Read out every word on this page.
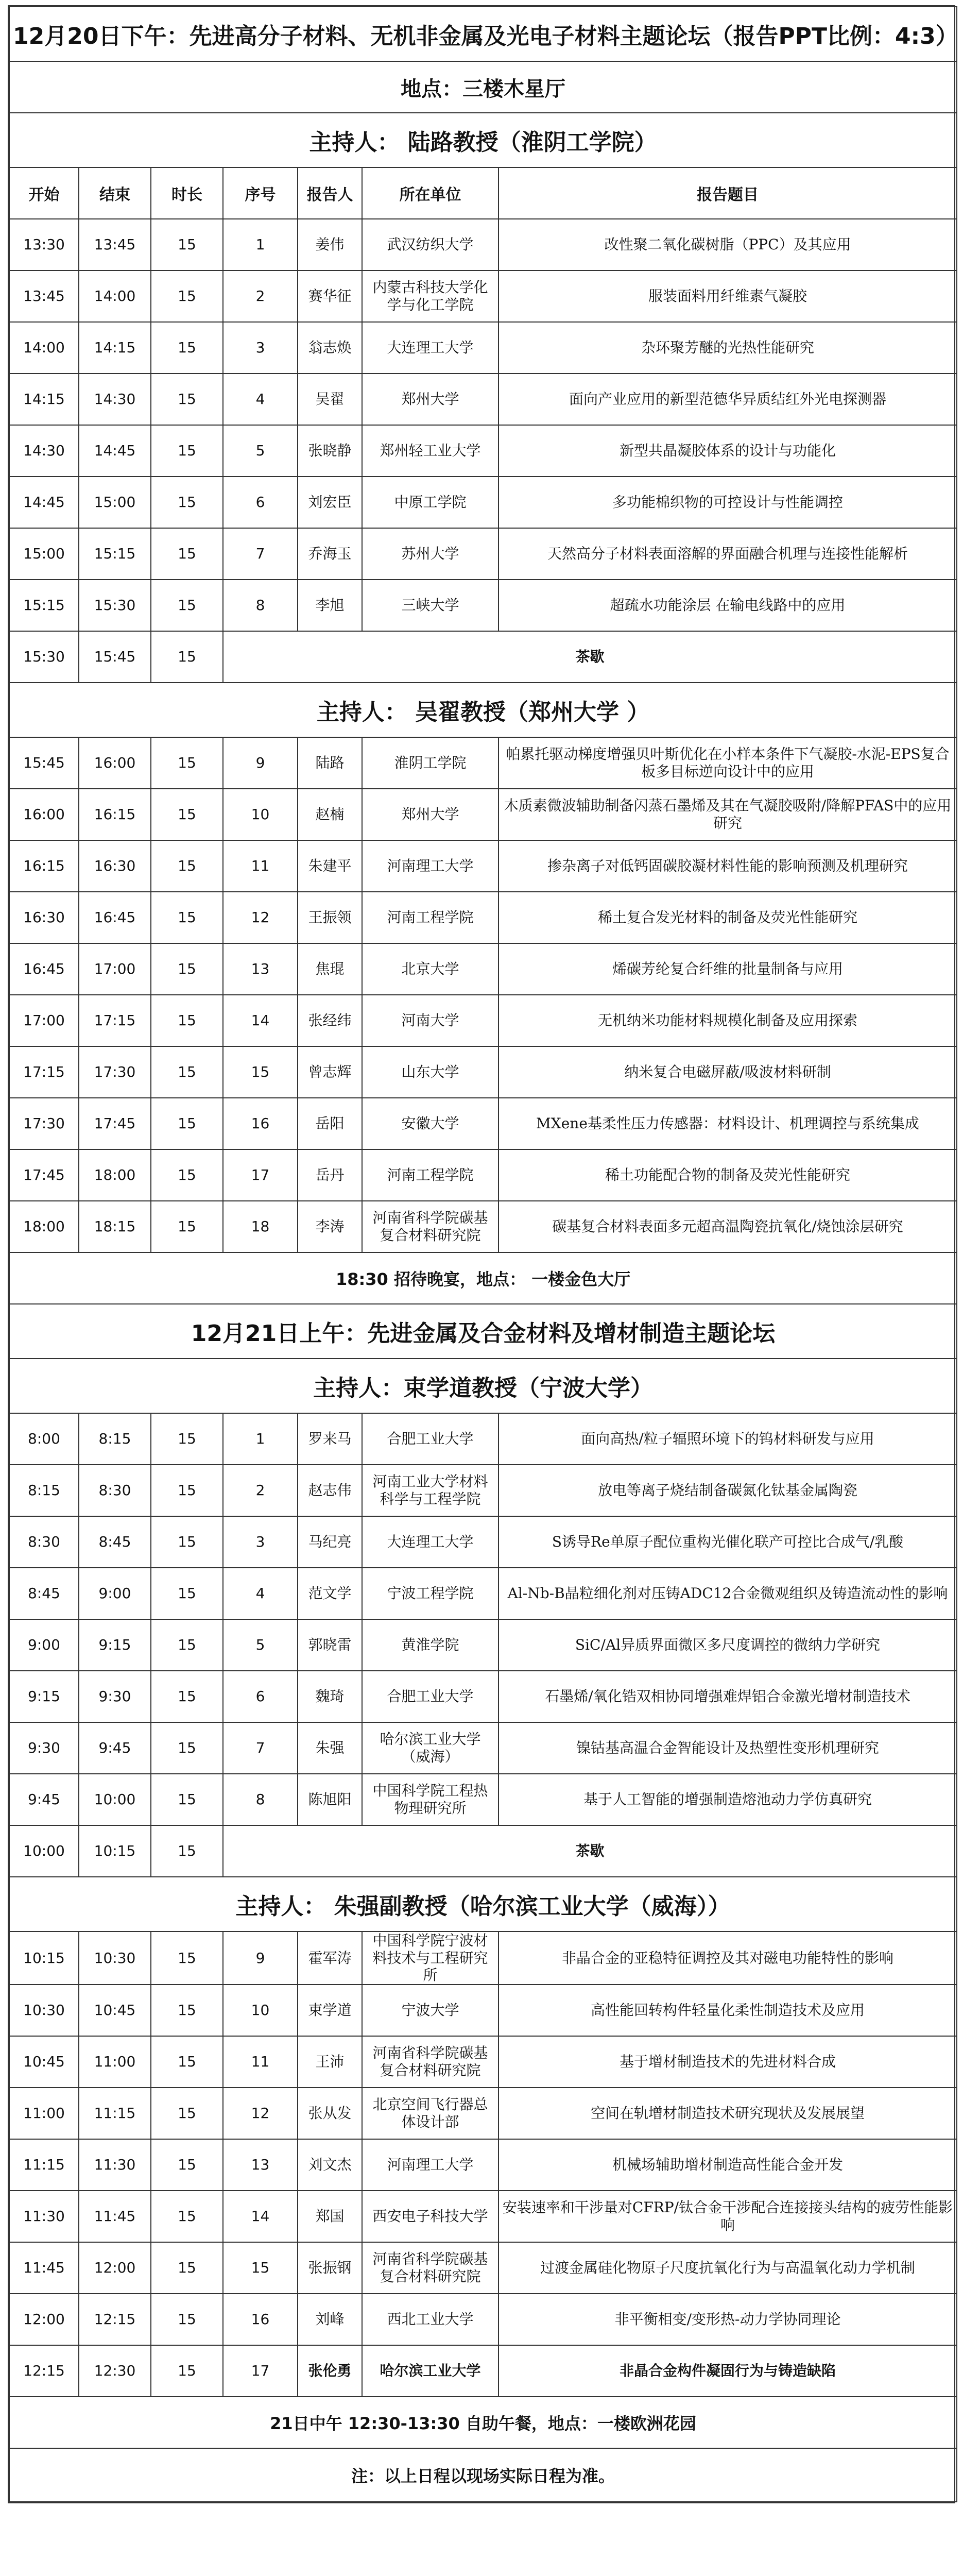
12月20日下午：先进高分子材料、无机非金属及光电子材料主题论坛（报告PPT比例：4:3）						
地点：三楼木星厅						
主持人： 陆路教授（淮阴工学院）						
开始	结束	时长	序号	报告人	所在单位	报告题目
13:30	13:45	15	1	姜伟	武汉纺织大学	改性聚二氧化碳树脂（PPC）及其应用
13:45	14:00	15	2	赛华征	内蒙古科技大学化学与化工学院	服装面料用纤维素气凝胶
14:00	14:15	15	3	翁志焕	大连理工大学	杂环聚芳醚的光热性能研究
14:15	14:30	15	4	吴翟	郑州大学	面向产业应用的新型范德华异质结红外光电探测器
14:30	14:45	15	5	张晓静	郑州轻工业大学	新型共晶凝胶体系的设计与功能化
14:45	15:00	15	6	刘宏臣	中原工学院	多功能棉织物的可控设计与性能调控
15:00	15:15	15	7	乔海玉	苏州大学	天然高分子材料表面溶解的界面融合机理与连接性能解析
15:15	15:30	15	8	李旭	三峡大学	超疏水功能涂层 在输电线路中的应用
15:30	15:45	15	茶歇			
主持人： 吴翟教授（郑州大学 ）						
15:45	16:00	15	9	陆路	淮阴工学院	帕累托驱动梯度增强贝叶斯优化在小样本条件下气凝胶-水泥-EPS复合板多目标逆向设计中的应用
16:00	16:15	15	10	赵楠	郑州大学	木质素微波辅助制备闪蒸石墨烯及其在气凝胶吸附/降解PFAS中的应用研究
16:15	16:30	15	11	朱建平	河南理工大学	掺杂离子对低钙固碳胶凝材料性能的影响预测及机理研究
16:30	16:45	15	12	王振领	河南工程学院	稀土复合发光材料的制备及荧光性能研究
16:45	17:00	15	13	焦琨	北京大学	烯碳芳纶复合纤维的批量制备与应用
17:00	17:15	15	14	张经纬	河南大学	无机纳米功能材料规模化制备及应用探索
17:15	17:30	15	15	曾志辉	山东大学	纳米复合电磁屏蔽/吸波材料研制
17:30	17:45	15	16	岳阳	安徽大学	MXene基柔性压力传感器：材料设计、机理调控与系统集成
17:45	18:00	15	17	岳丹	河南工程学院	稀土功能配合物的制备及荧光性能研究
18:00	18:15	15	18	李涛	河南省科学院碳基复合材料研究院	碳基复合材料表面多元超高温陶瓷抗氧化/烧蚀涂层研究
18:30 招待晚宴，地点： 一楼金色大厅						
12月21日上午：先进金属及合金材料及增材制造主题论坛						
主持人：束学道教授（宁波大学）						
8:00	8:15	15	1	罗来马	合肥工业大学	面向高热/粒子辐照环境下的钨材料研发与应用
8:15	8:30	15	2	赵志伟	河南工业大学材料科学与工程学院	放电等离子烧结制备碳氮化钛基金属陶瓷
8:30	8:45	15	3	马纪亮	大连理工大学	S诱导Re单原子配位重构光催化联产可控比合成气/乳酸
8:45	9:00	15	4	范文学	宁波工程学院	Al-Nb-B晶粒细化剂对压铸ADC12合金微观组织及铸造流动性的影响
9:00	9:15	15	5	郭晓雷	黄淮学院	SiC/Al异质界面微区多尺度调控的微纳力学研究
9:15	9:30	15	6	魏琦	合肥工业大学	石墨烯/氧化锆双相协同增强难焊铝合金激光增材制造技术
9:30	9:45	15	7	朱强	哈尔滨工业大学（威海）	镍钴基高温合金智能设计及热塑性变形机理研究
9:45	10:00	15	8	陈旭阳	中国科学院工程热物理研究所	基于人工智能的增强制造熔池动力学仿真研究
10:00	10:15	15	茶歇			
主持人： 朱强副教授（哈尔滨工业大学（威海））						
10:15	10:30	15	9	霍军涛	中国科学院宁波材料技术与工程研究所	非晶合金的亚稳特征调控及其对磁电功能特性的影响
10:30	10:45	15	10	束学道	宁波大学	高性能回转构件轻量化柔性制造技术及应用
10:45	11:00	15	11	王沛	河南省科学院碳基复合材料研究院	基于增材制造技术的先进材料合成
11:00	11:15	15	12	张从发	北京空间飞行器总体设计部	空间在轨增材制造技术研究现状及发展展望
11:15	11:30	15	13	刘文杰	河南理工大学	机械场辅助增材制造高性能合金开发
11:30	11:45	15	14	郑国	西安电子科技大学	安装速率和干涉量对CFRP/钛合金干涉配合连接接头结构的疲劳性能影响
11:45	12:00	15	15	张振钢	河南省科学院碳基复合材料研究院	过渡金属硅化物原子尺度抗氧化行为与高温氧化动力学机制
12:00	12:15	15	16	刘峰	西北工业大学	非平衡相变/变形热-动力学协同理论
12:15	12:30	15	17	张伦勇	哈尔滨工业大学	非晶合金构件凝固行为与铸造缺陷
21日中午 12:30-13:30 自助午餐，地点：一楼欧洲花园						
注：以上日程以现场实际日程为准。						
